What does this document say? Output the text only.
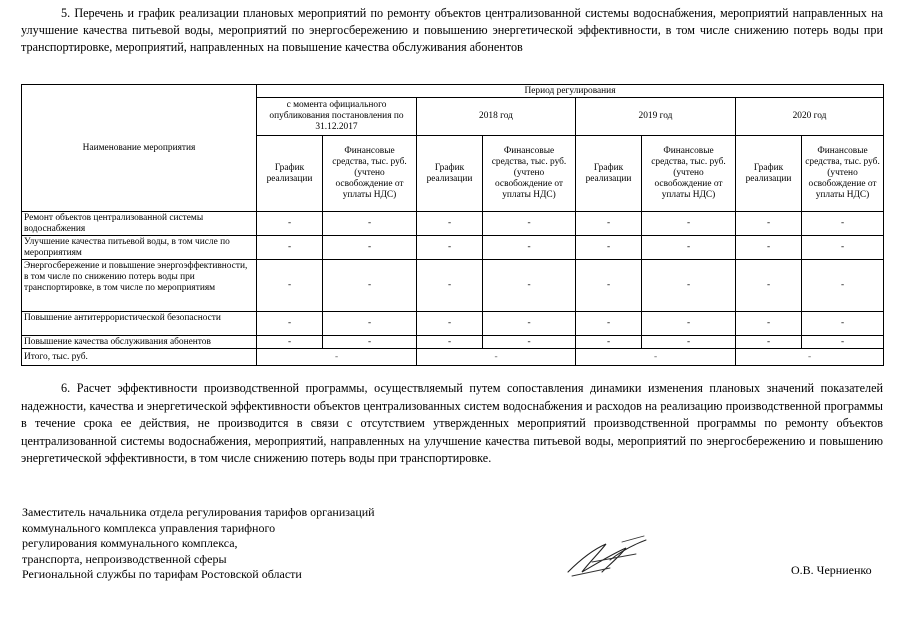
5. Перечень и график реализации плановых мероприятий по ремонту объектов централизованной системы водоснабжения, мероприятий направленных на улучшение качества питьевой воды, мероприятий по энергосбережению и повышению энергетической эффективности, в том числе снижению потерь воды при транспортировке, мероприятий, направленных на повышение качества обслуживания абонентов

Наименование мероприятия	Период регулирования							
	с момента официального опубликования постановления по 31.12.2017		2018 год		2019 год		2020 год	
	График реализации	Финансовые средства, тыс. руб. (учтено освобождение от уплаты НДС)	График реализации	Финансовые средства, тыс. руб. (учтено освобождение от уплаты НДС)	График реализации	Финансовые средства, тыс. руб. (учтено освобождение от уплаты НДС)	График реализации	Финансовые средства, тыс. руб. (учтено освобождение от уплаты НДС)
Ремонт объектов централизованной системы водоснабжения	-	-	-	-	-	-	-	-
Улучшение качества питьевой воды, в том числе по мероприятиям	-	-	-	-	-	-	-	-
Энергосбережение и повышение энергоэффективности, в том числе по снижению потерь воды при транспортировке, в том числе по мероприятиям	-	-	-	-	-	-	-	-
Повышение антитеррористической безопасности	-	-	-	-	-	-	-	-
Повышение качества обслуживания абонентов	-	-	-	-	-	-	-	-
Итого, тыс. руб.	-		-		-		-	

6. Расчет эффективности производственной программы, осуществляемый путем сопоставления динамики изменения плановых значений показателей надежности, качества и энергетической эффективности объектов централизованных систем водоснабжения и расходов на реализацию производственной программы в течение срока ее действия, не производится в связи с отсутствием утвержденных мероприятий производственной программы по ремонту объектов централизованной системы водоснабжения, мероприятий, направленных на улучшение качества питьевой воды, мероприятий по энергосбережению и повышению энергетической эффективности, в том числе снижению потерь воды при транспортировке.

Заместитель начальника отдела регулирования тарифов организаций
коммунального комплекса управления тарифного
регулирования коммунального комплекса,
транспорта, непроизводственной сферы
Региональной службы по тарифам Ростовской области	О.В. Черниенко
